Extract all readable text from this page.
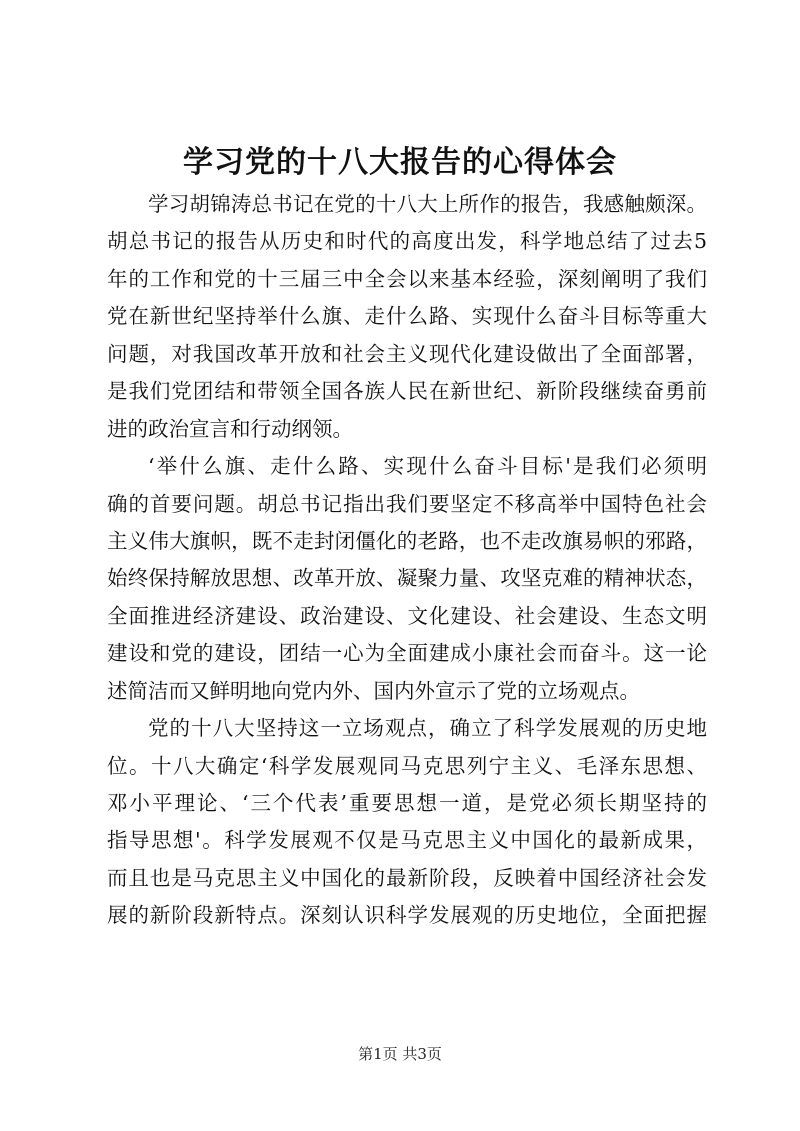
学习党的十八大报告的心得体会
学习胡锦涛总书记在党的十八大上所作的报告，我感触颇深。
胡总书记的报告从历史和时代的高度出发，科学地总结了过去5
年的工作和党的十三届三中全会以来基本经验，深刻阐明了我们
党在新世纪坚持举什么旗、走什么路、实现什么奋斗目标等重大
问题，对我国改革开放和社会主义现代化建设做出了全面部署，
是我们党团结和带领全国各族人民在新世纪、新阶段继续奋勇前
进的政治宣言和行动纲领。
‘举什么旗、走什么路、实现什么奋斗目标'是我们必须明
确的首要问题。胡总书记指出我们要坚定不移高举中国特色社会
主义伟大旗帜，既不走封闭僵化的老路，也不走改旗易帜的邪路，
始终保持解放思想、改革开放、凝聚力量、攻坚克难的精神状态，
全面推进经济建设、政治建设、文化建设、社会建设、生态文明
建设和党的建设，团结一心为全面建成小康社会而奋斗。这一论
述简洁而又鲜明地向党内外、国内外宣示了党的立场观点。
党的十八大坚持这一立场观点，确立了科学发展观的历史地
位。十八大确定‘科学发展观同马克思列宁主义、毛泽东思想、
邓小平理论、‘三个代表’重要思想一道，是党必须长期坚持的
指导思想'。科学发展观不仅是马克思主义中国化的最新成果，
而且也是马克思主义中国化的最新阶段，反映着中国经济社会发
展的新阶段新特点。深刻认识科学发展观的历史地位，全面把握
第1页 共3页
